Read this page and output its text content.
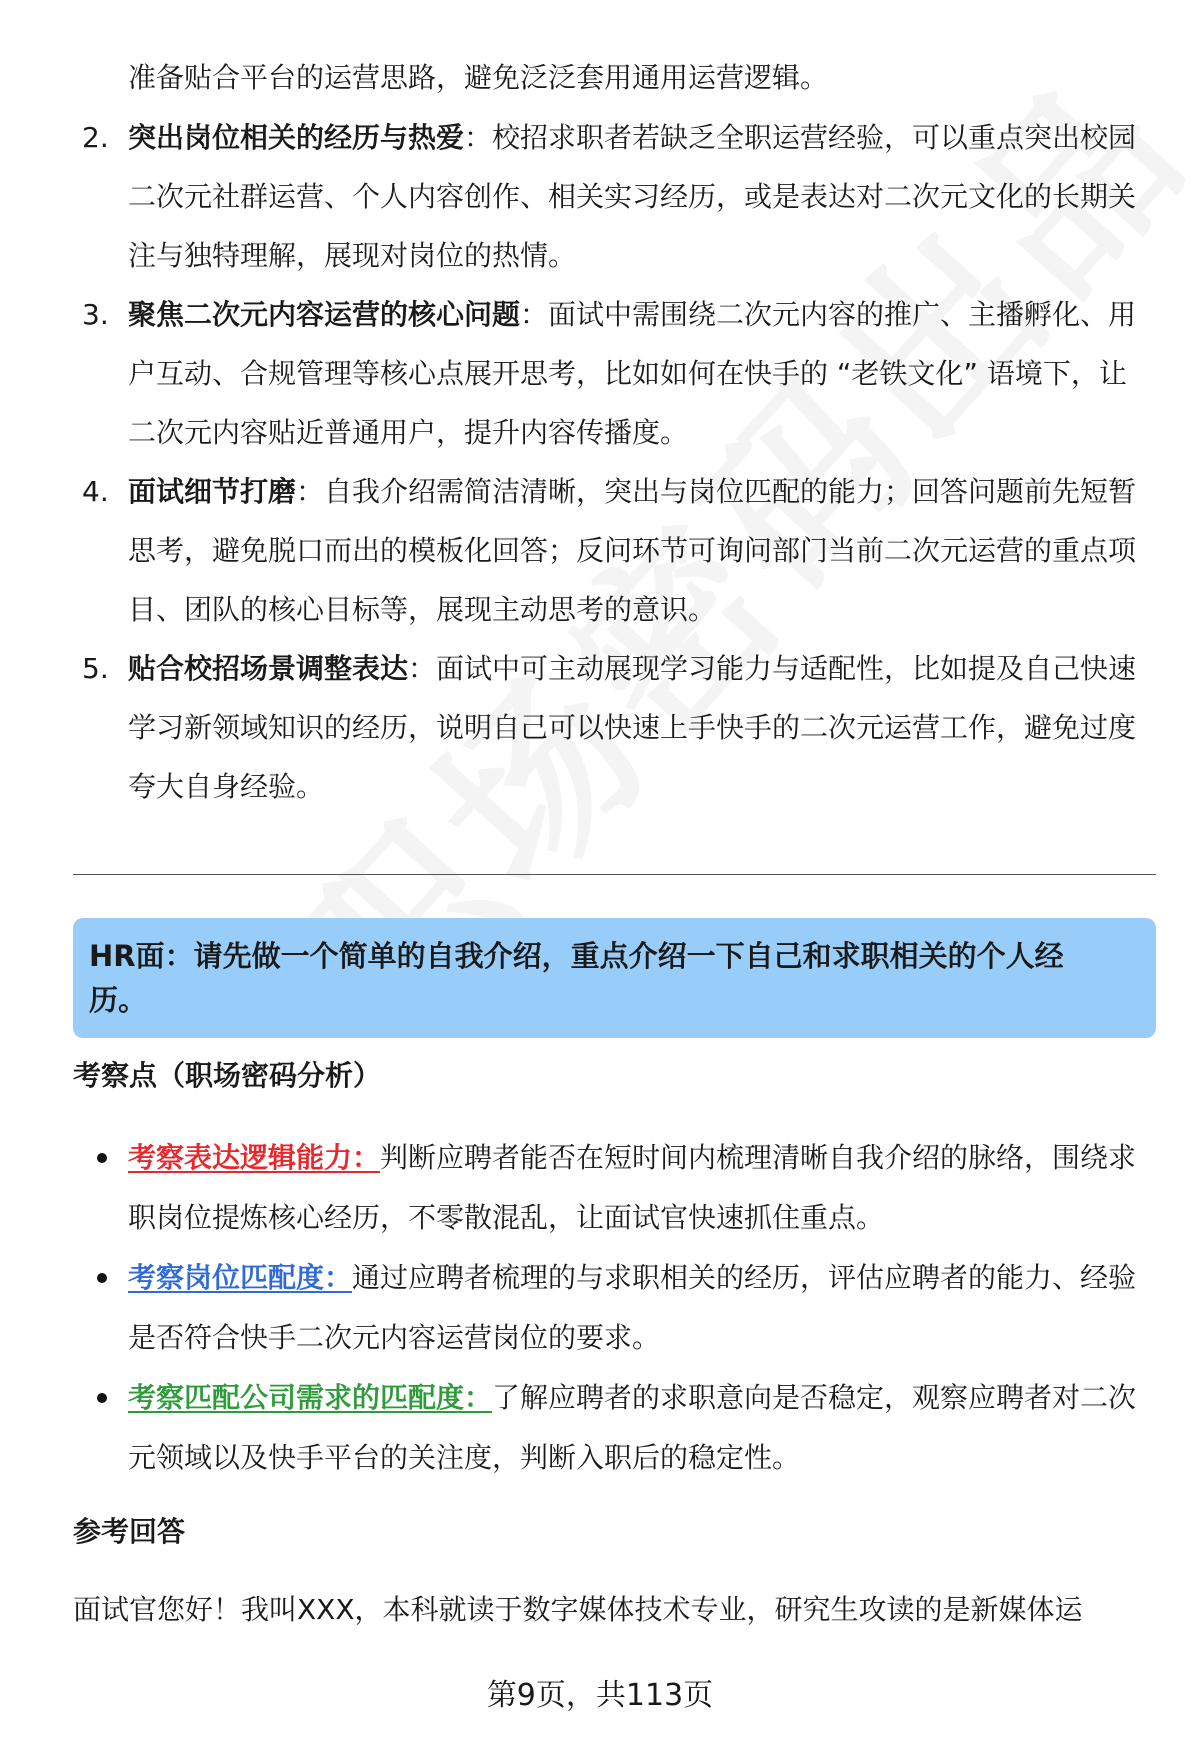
准备贴合平台的运营思路，避免泛泛套用通用运营逻辑。
2. 突出岗位相关的经历与热爱：校招求职者若缺乏全职运营经验，可以重点突出校园二次元社群运营、个人内容创作、相关实习经历，或是表达对二次元文化的长期关注与独特理解，展现对岗位的热情。
3. 聚焦二次元内容运营的核心问题：面试中需围绕二次元内容的推广、主播孵化、用户互动、合规管理等核心点展开思考，比如如何在快手的 “老铁文化” 语境下，让二次元内容贴近普通用户，提升内容传播度。
4. 面试细节打磨：自我介绍需简洁清晰，突出与岗位匹配的能力；回答问题前先短暂思考，避免脱口而出的模板化回答；反问环节可询问部门当前二次元运营的重点项目、团队的核心目标等，展现主动思考的意识。
5. 贴合校招场景调整表达：面试中可主动展现学习能力与适配性，比如提及自己快速学习新领域知识的经历，说明自己可以快速上手快手的二次元运营工作，避免过度夸大自身经验。
HR面：请先做一个简单的自我介绍，重点介绍一下自己和求职相关的个人经历。
考察点（职场密码分析）
考察表达逻辑能力：判断应聘者能否在短时间内梳理清晰自我介绍的脉络，围绕求职岗位提炼核心经历，不零散混乱，让面试官快速抓住重点。
考察岗位匹配度：通过应聘者梳理的与求职相关的经历，评估应聘者的能力、经验是否符合快手二次元内容运营岗位的要求。
考察匹配公司需求的匹配度：了解应聘者的求职意向是否稳定，观察应聘者对二次元领域以及快手平台的关注度，判断入职后的稳定性。
参考回答
面试官您好！我叫XXX，本科就读于数字媒体技术专业，研究生攻读的是新媒体运
第9页，共113页
